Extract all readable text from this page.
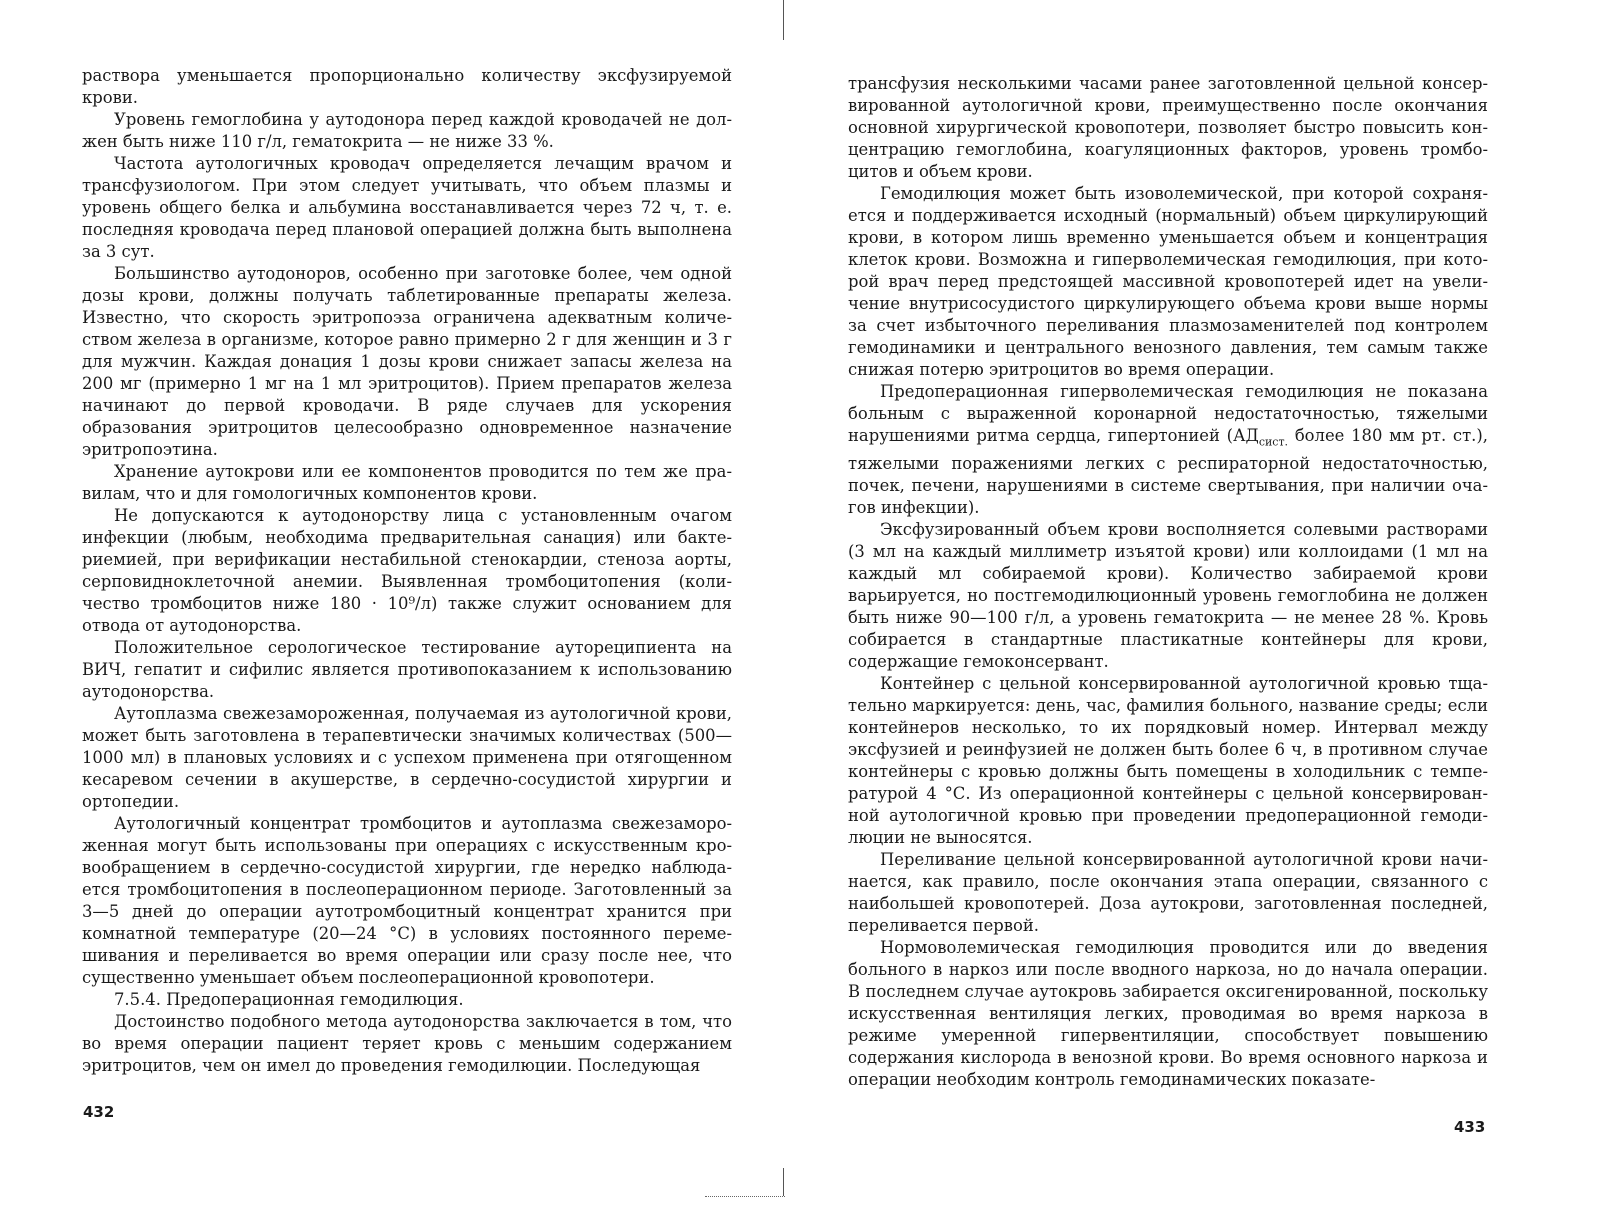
раствора уменьшается пропорционально количеству эксфузируемой крови.

Уровень гемоглобина у аутодонора перед каждой кроводачей не должен быть ниже 110 г/л, гематокрита — не ниже 33 %.

Частота аутологичных кроводач определяется лечащим врачом и трансфузиологом. При этом следует учитывать, что объем плазмы и уровень общего белка и альбумина восстанавливается через 72 ч, т. е. последняя кроводача перед плановой операцией должна быть выполнена за 3 сут.

Большинство аутодоноров, особенно при заготовке более, чем одной дозы крови, должны получать таблетированные препараты железа. Известно, что скорость эритропоэза ограничена адекватным количеством железа в организме, которое равно примерно 2 г для женщин и 3 г для мужчин. Каждая донация 1 дозы крови снижает запасы железа на 200 мг (примерно 1 мг на 1 мл эритроцитов). Прием препаратов железа начинают до первой кроводачи. В ряде случаев для ускорения образования эритроцитов целесообразно одновременное назначение эритропоэтина.

Хранение аутокрови или ее компонентов проводится по тем же правилам, что и для гомологичных компонентов крови.

Не допускаются к аутодонорству лица с установленным очагом инфекции (любым, необходима предварительная санация) или бактериемией, при верификации нестабильной стенокардии, стеноза аорты, серповидноклеточной анемии. Выявленная тромбоцитопения (количество тромбоцитов ниже 180 · 10⁹/л) также служит основанием для отвода от аутодонорства.

Положительное серологическое тестирование аутореципиента на ВИЧ, гепатит и сифилис является противопоказанием к использованию аутодонорства.

Аутоплазма свежезамороженная, получаемая из аутологичной крови, может быть заготовлена в терапевтически значимых количествах (500—1000 мл) в плановых условиях и с успехом применена при отягощенном кесаревом сечении в акушерстве, в сердечно-сосудистой хирургии и ортопедии.

Аутологичный концентрат тромбоцитов и аутоплазма свежезамороженная могут быть использованы при операциях с искусственным кровообращением в сердечно-сосудистой хирургии, где нередко наблюдается тромбоцитопения в послеоперационном периоде. Заготовленный за 3—5 дней до операции аутотромбоцитный концентрат хранится при комнатной температуре (20—24 °С) в условиях постоянного перемешивания и переливается во время операции или сразу после нее, что существенно уменьшает объем послеоперационной кровопотери.

7.5.4. Предоперационная гемодилюция.

Достоинство подобного метода аутодонорства заключается в том, что во время операции пациент теряет кровь с меньшим содержанием эритроцитов, чем он имел до проведения гемодилюции. Последующая

432

трансфузия несколькими часами ранее заготовленной цельной консервированной аутологичной крови, преимущественно после окончания основной хирургической кровопотери, позволяет быстро повысить концентрацию гемоглобина, коагуляционных факторов, уровень тромбоцитов и объем крови.

Гемодилюция может быть изоволемической, при которой сохраняется и поддерживается исходный (нормальный) объем циркулирующий крови, в котором лишь временно уменьшается объем и концентрация клеток крови. Возможна и гиперволемическая гемодилюция, при которой врач перед предстоящей массивной кровопотерей идет на увеличение внутрисосудистого циркулирующего объема крови выше нормы за счет избыточного переливания плазмозаменителей под контролем гемодинамики и центрального венозного давления, тем самым также снижая потерю эритроцитов во время операции.

Предоперационная гиперволемическая гемодилюция не показана больным с выраженной коронарной недостаточностью, тяжелыми нарушениями ритма сердца, гипертонией ($АД_{сист.}$ более 180 мм рт. ст.), тяжелыми поражениями легких с респираторной недостаточностью, почек, печени, нарушениями в системе свертывания, при наличии очагов инфекции).

Эксфузированный объем крови восполняется солевыми растворами (3 мл на каждый миллиметр изъятой крови) или коллоидами (1 мл на каждый мл собираемой крови). Количество забираемой крови варьируется, но постгемодилюционный уровень гемоглобина не должен быть ниже 90—100 г/л, а уровень гематокрита — не менее 28 %. Кровь собирается в стандартные пластикатные контейнеры для крови, содержащие гемоконсервант.

Контейнер с цельной консервированной аутологичной кровью тщательно маркируется: день, час, фамилия больного, название среды; если контейнеров несколько, то их порядковый номер. Интервал между эксфузией и реинфузией не должен быть более 6 ч, в противном случае контейнеры с кровью должны быть помещены в холодильник с температурой 4 °С. Из операционной контейнеры с цельной консервированной аутологичной кровью при проведении предоперационной гемодилюции не выносятся.

Переливание цельной консервированной аутологичной крови начинается, как правило, после окончания этапа операции, связанного с наибольшей кровопотерей. Доза аутокрови, заготовленная последней, переливается первой.

Нормоволемическая гемодилюция проводится или до введения больного в наркоз или после вводного наркоза, но до начала операции. В последнем случае аутокровь забирается оксигенированной, поскольку искусственная вентиляция легких, проводимая во время наркоза в режиме умеренной гипервентиляции, способствует повышению содержания кислорода в венозной крови. Во время основного наркоза и операции необходим контроль гемодинамических показате-

433
